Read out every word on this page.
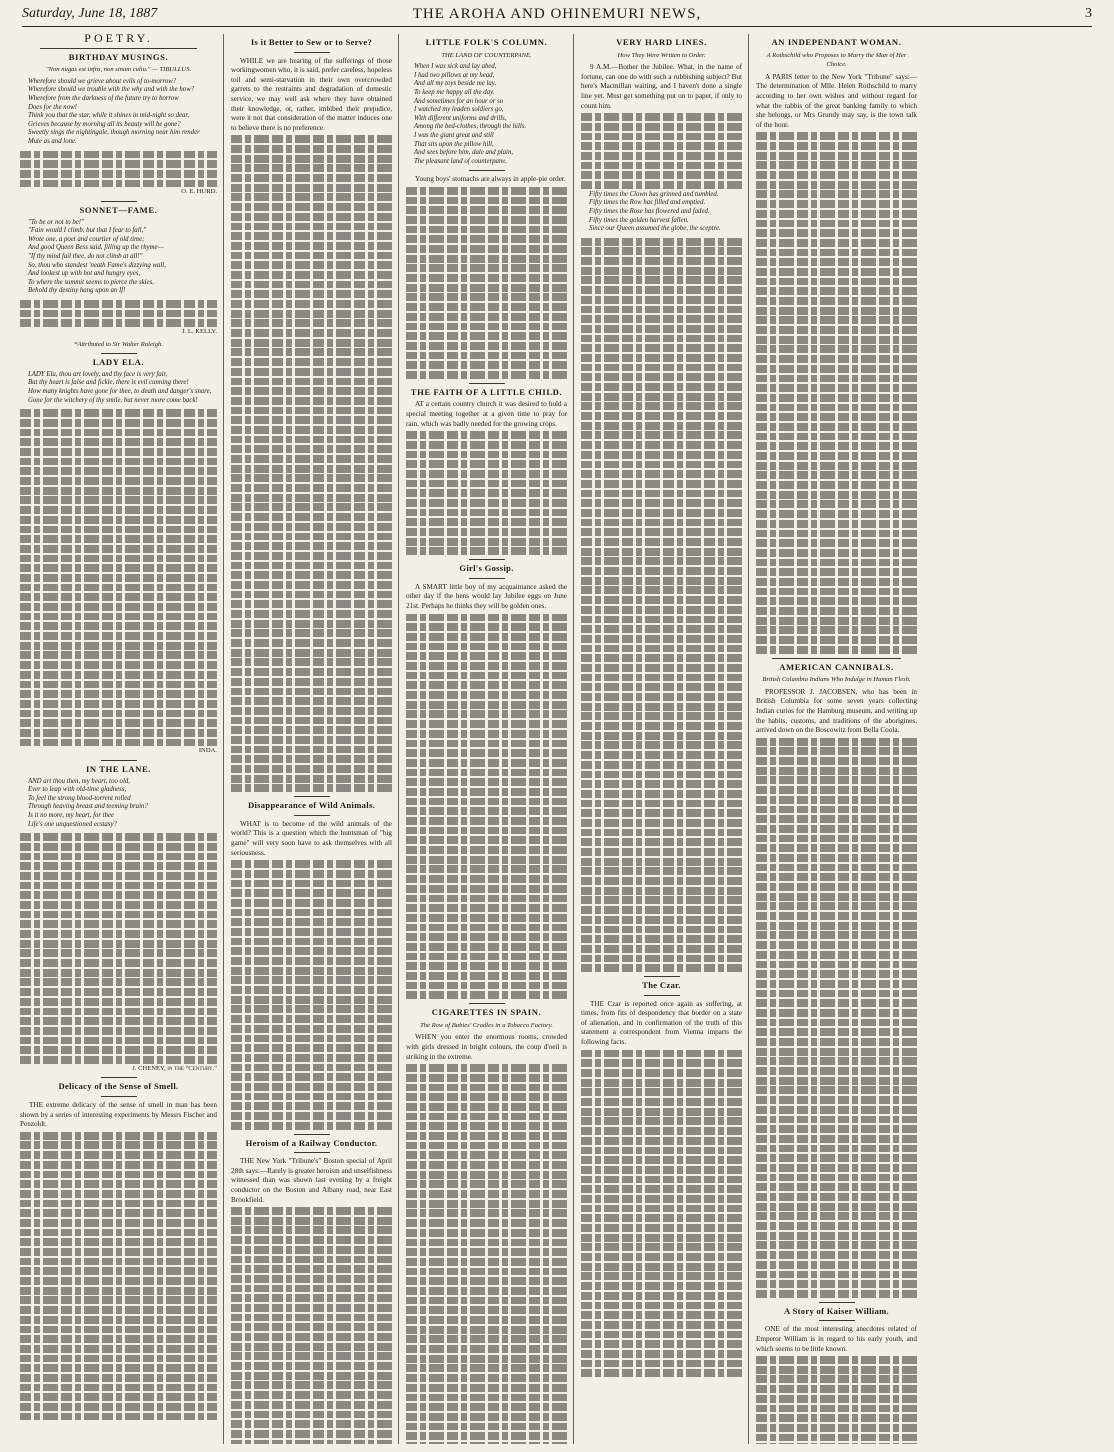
Saturday, June 18, 1887	THE AROHA AND OHINEMURI NEWS,	3
POETRY.
BIRTHDAY MUSINGS.
"Non nugas est infra, non sinam cultu." — TIBULLUS.
Wherefore should we grieve about evils of to-morrow?
Wherefore should we trouble with the why and with the how?
Wherefore from the darkness of the future try to borrow
Does for the now!
Think you that the star, while it shines in mid-night so dear,
Grieves because by morning all its beauty will be gone?
Sweetly sings the nightingale, though morning near him render
Mute as and lone.
O. E. HURD.
SONNET—FAME.
"To be or not to be!"
"Fain would I climb, but that I fear to fall,"
Wrote one, a poet and courtier of old time;
And good Queen Bess said, filling up the rhyme—
"If thy mind fail thee, do not climb at all!"
So, thou who standest 'neath Fame's dizzying wall,
And lookest up with hot and hungry eyes,
To where the summit seems to pierce the skies,
Behold thy destiny hang upon an If!
J. L. KELLY.
*Attributed to Sir Walter Raleigh.
LADY ELA.
LADY Ela, thou art lovely, and thy face is very fair,
But thy heart is false and fickle, there is evil cunning there!
How many knights have gone for thee, to death and danger's snare,
Gone for the witchery of thy smile, but never more come back!
INDA.
IN THE LANE.
AND art thou then, my heart, too old,
Ever to leap with old-time gladness,
To feel the strong blood-torrent rolled
Through heaving breast and teeming brain?
Is it no more, my heart, for thee
Life's one unquestioned ecstasy?
J. CHENEY, in the "Century."
Delicacy of the Sense of Smell.
THE extreme delicacy of the sense of smell in man has been shown by a series of interesting experiments by Messrs Fischer and Penzoldt.
Is it Better to Sew or to Serve?
WHILE we are hearing of the sufferings of those workingwomen who, it is said, prefer careless, hopeless toil and semi-starvation in their own overcrowded garrets to the restraints and degradation of domestic service, we may well ask where they have obtained their knowledge, or, rather, imbibed their prejudice, were it not that consideration of the matter induces one to believe there is no preference.
Disappearance of Wild Animals.
WHAT is to become of the wild animals of the world? This is a question which the huntsman of "big game" will very soon have to ask themselves with all seriousness.
Heroism of a Railway Conductor.
THE New York "Tribune's" Boston special of April 28th says:—Rarely is greater heroism and unselfishness witnessed than was shown last evening by a freight conductor on the Boston and Albany road, near East Brookfield.
LITTLE FOLK'S COLUMN.
THE LAND OF COUNTERPANE.
When I was sick and lay abed,
I had two pillows at my head,
And all my toys beside me lay,
To keep me happy all the day.
And sometimes for an hour or so
I watched my leaden soldiers go,
With different uniforms and drills,
Among the bed-clothes, through the hills.
I was the giant great and still
That sits upon the pillow hill,
And sees before him, dale and plain,
The pleasant land of counterpane.
Young boys' stomachs are always in apple-pie order.
THE FAITH OF A LITTLE CHILD.
AT a certain country church it was desired to hold a special meeting together at a given time to pray for rain, which was badly needed for the growing crops.
Girl's Gossip.
A SMART little boy of my acquaintance asked the other day if the hens would lay Jubilee eggs on June 21st. Perhaps he thinks they will be golden ones.
CIGARETTES IN SPAIN.
The Row of Babies' Cradles in a Tobacco Factory.
WHEN you enter the enormous rooms, crowded with girls dressed in bright colours, the coup d'oeil is striking in the extreme.
VERY HARD LINES.
How They Were Written to Order.
9 A.M.—Bother the Jubilee. What, in the name of fortune, can one do with such a rubbishing subject? But here's Macmillan waiting, and I haven't done a single line yet. Must get something put on to paper, if only to count him.
Fifty times the Clown has grinned and tumbled.
Fifty times the Row has filled and emptied.
Fifty times the Rose has flowered and faded.
Fifty times the golden harvest fallen.
Since our Queen assumed the globe, the sceptre.
The Czar.
THE Czar is reported once again as suffering, at times, from fits of despondency that border on a state of alienation, and in confirmation of the truth of this statement a correspondent from Vienna imparts the following facts.
AN INDEPENDANT WOMAN.
A Rothschild who Proposes to Marry the Man of Her Choice.
A PARIS letter to the New York "Tribune" says:—The determination of Mlle. Helen Rothschild to marry according to her own wishes and without regard for what the rabbis of the great banking family to which she belongs, or Mrs Grundy may say, is the town talk of the hour.
AMERICAN CANNIBALS.
British Columbia Indians Who Indulge in Human Flesh.
PROFESSOR J. JACOBSEN, who has been in British Columbia for some seven years collecting Indian curios for the Hamburg museum, and writing up the habits, customs, and traditions of the aborigines, arrived down on the Boscowitz from Bella Coola.
A Story of Kaiser William.
ONE of the most interesting anecdotes related of Emperor William is in regard to his early youth, and which seems to be little known.
